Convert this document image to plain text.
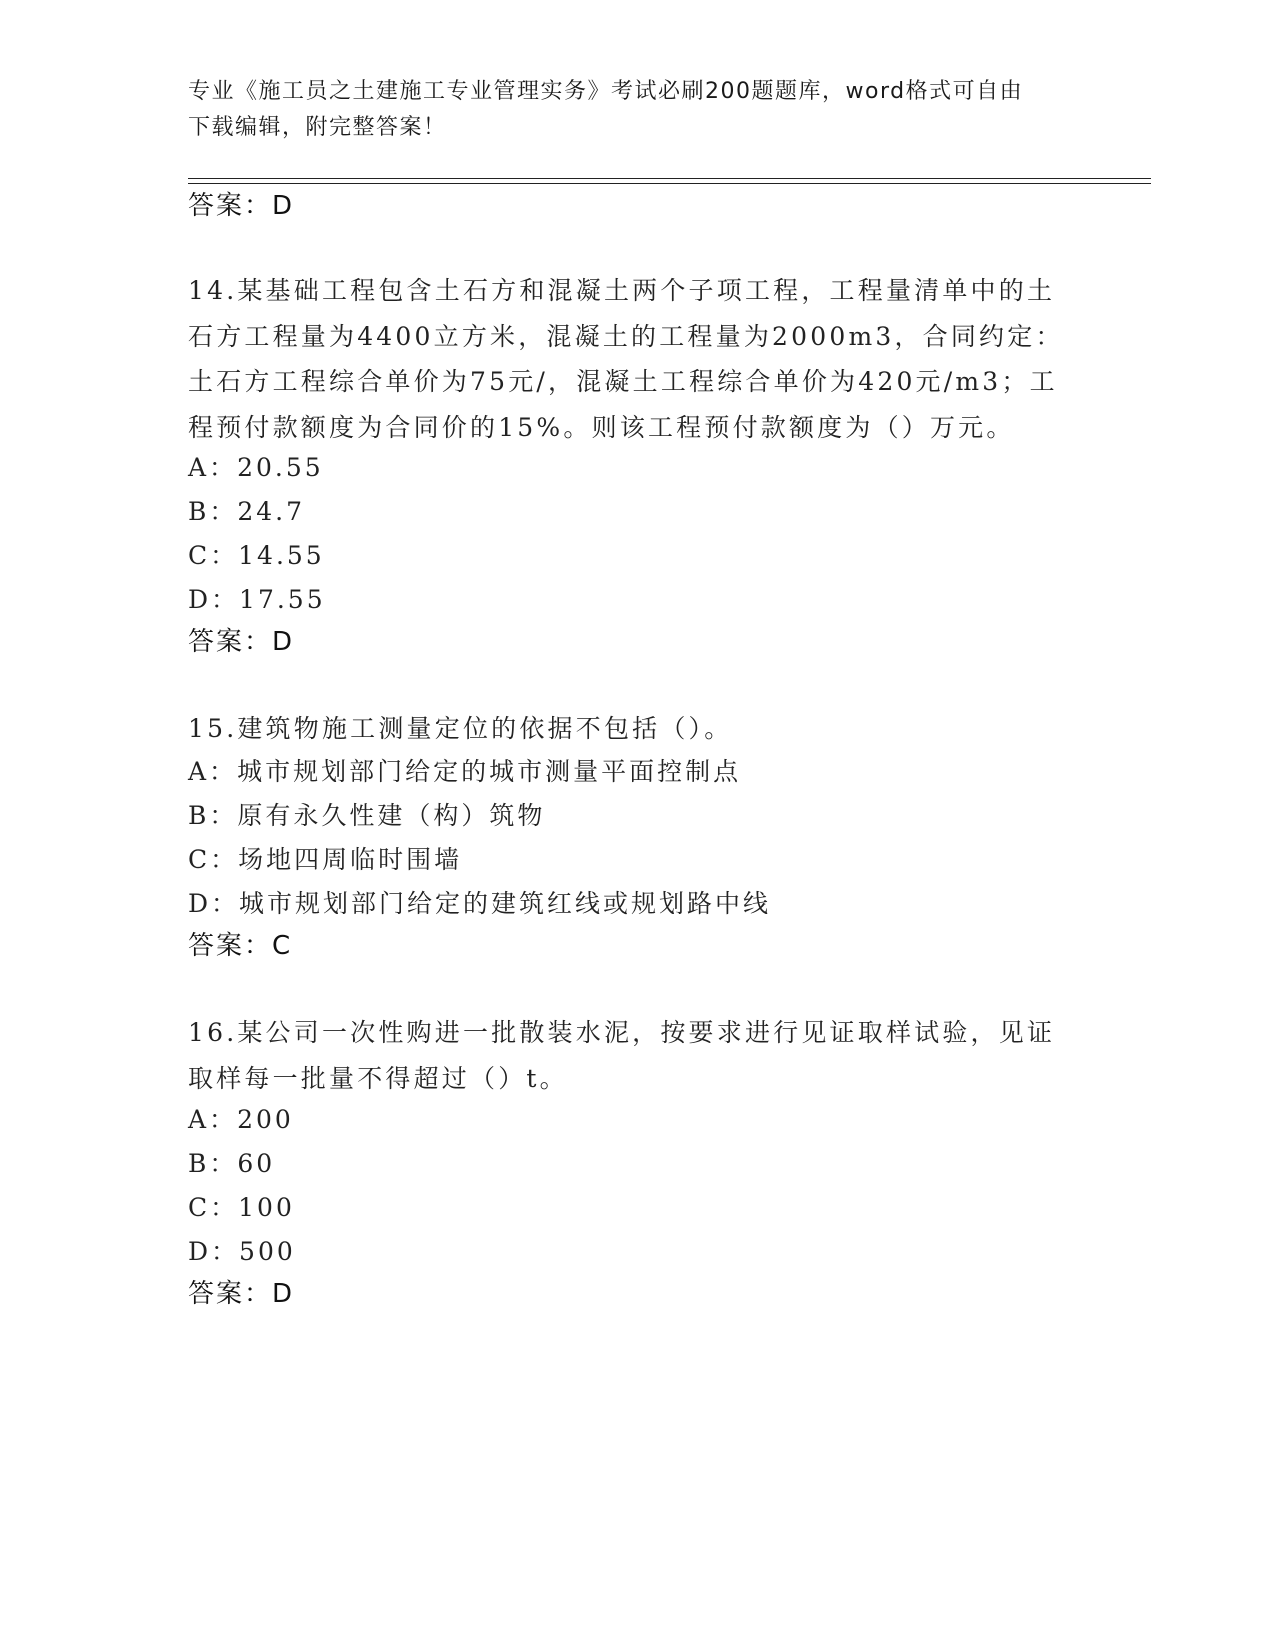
专业《施工员之土建施工专业管理实务》考试必刷200题题库，word格式可自由
下载编辑，附完整答案！
答案：D
14.某基础工程包含土石方和混凝土两个子项工程，工程量清单中的土石方工程量为4400立方米，混凝土的工程量为2000m3，合同约定：土石方工程综合单价为75元/，混凝土工程综合单价为420元/m3；工程预付款额度为合同价的15%。则该工程预付款额度为（）万元。
A：20.55
B：24.7
C：14.55
D：17.55
答案：D
15.建筑物施工测量定位的依据不包括（）。
A：城市规划部门给定的城市测量平面控制点
B：原有永久性建（构）筑物
C：场地四周临时围墙
D：城市规划部门给定的建筑红线或规划路中线
答案：C
16.某公司一次性购进一批散装水泥，按要求进行见证取样试验，见证取样每一批量不得超过（）t。
A：200
B：60
C：100
D：500
答案：D
